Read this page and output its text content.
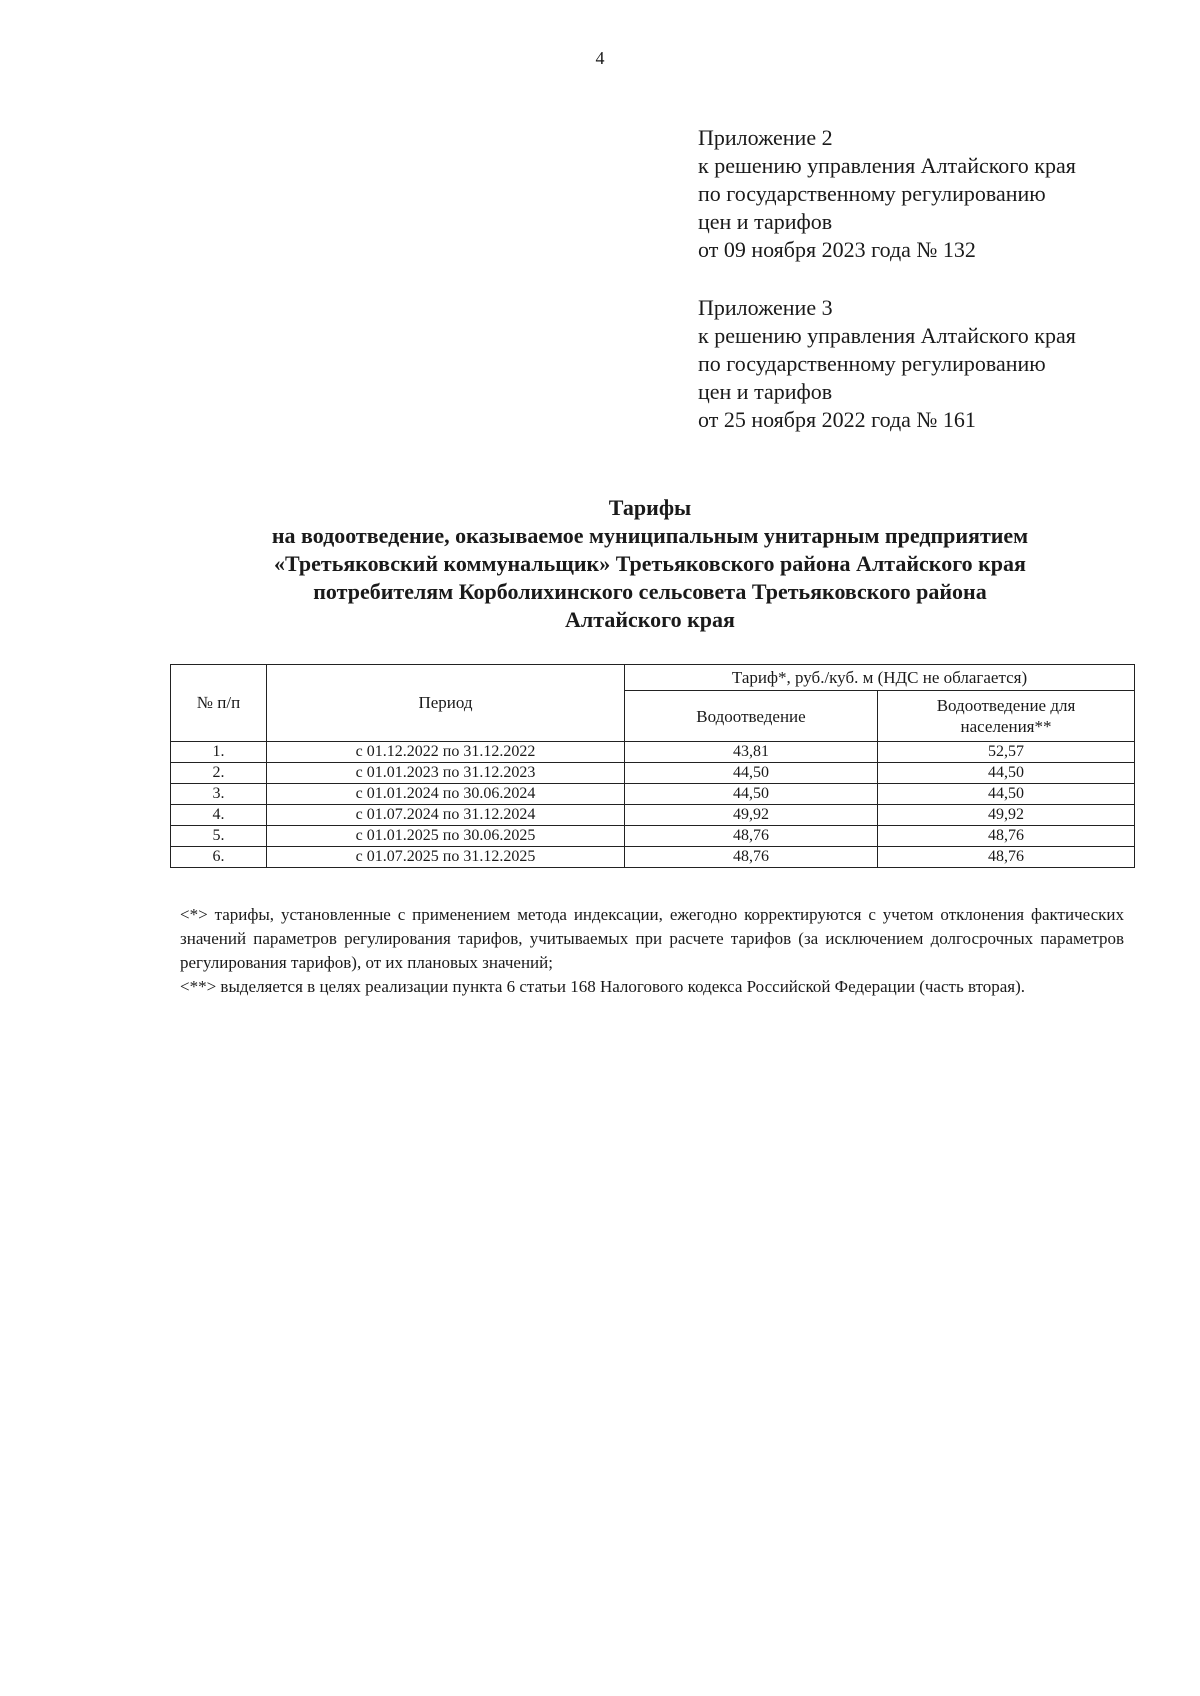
4
Приложение 2
к решению управления Алтайского края
по государственному регулированию
цен и тарифов
от 09 ноября 2023 года № 132
Приложение 3
к решению управления Алтайского края
по государственному регулированию
цен и тарифов
от 25 ноября 2022 года № 161
Тарифы
на водоотведение, оказываемое муниципальным унитарным предприятием
«Третьяковский коммунальщик» Третьяковского района Алтайского края
потребителям Корболихинского сельсовета Третьяковского района
Алтайского края
№ п/п	Период	Тариф*, руб./куб. м (НДС не облагается)	
		Водоотведение	Водоотведение для
населения**
1.	с 01.12.2022 по 31.12.2022	43,81	52,57
2.	с 01.01.2023 по 31.12.2023	44,50	44,50
3.	с 01.01.2024 по 30.06.2024	44,50	44,50
4.	с 01.07.2024 по 31.12.2024	49,92	49,92
5.	с 01.01.2025 по 30.06.2025	48,76	48,76
6.	с 01.07.2025 по 31.12.2025	48,76	48,76

<*> тарифы, установленные с применением метода индексации, ежегодно корректируются с учетом отклонения фактических значений параметров регулирования тарифов, учитываемых при расчете тарифов (за исключением долгосрочных параметров регулирования тарифов), от их плановых значений;

<**> выделяется в целях реализации пункта 6 статьи 168 Налогового кодекса Российской Федерации (часть вторая).
